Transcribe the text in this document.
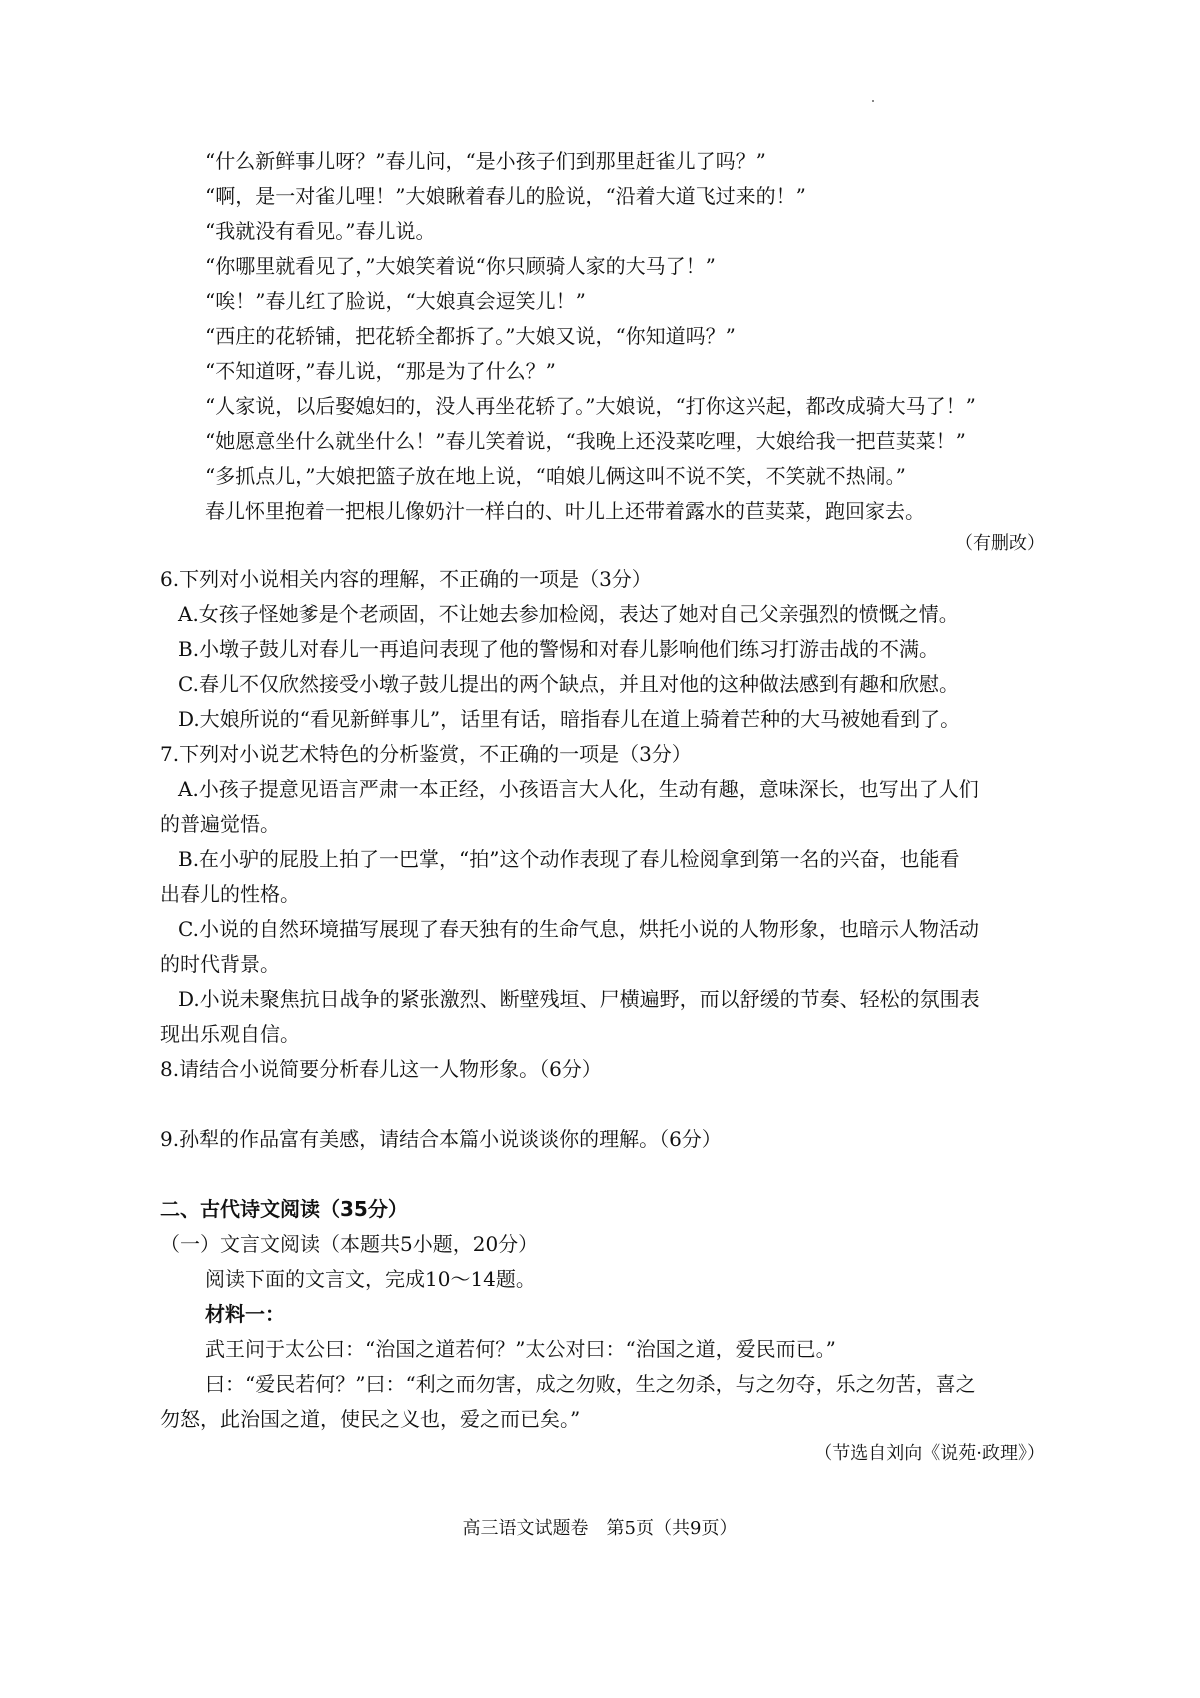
“什么新鲜事儿呀？”春儿问，“是小孩子们到那里赶雀儿了吗？”
“啊，是一对雀儿哩！”大娘瞅着春儿的脸说，“沿着大道飞过来的！”
“我就没有看见。”春儿说。
“你哪里就看见了，”大娘笑着说“你只顾骑人家的大马了！”
“唉！”春儿红了脸说，“大娘真会逗笑儿！”
“西庄的花轿铺，把花轿全都拆了。”大娘又说，“你知道吗？”
“不知道呀，”春儿说，“那是为了什么？”
“人家说，以后娶媳妇的，没人再坐花轿了。”大娘说，“打你这兴起，都改成骑大马了！”
“她愿意坐什么就坐什么！”春儿笑着说，“我晚上还没菜吃哩，大娘给我一把苣荬菜！”
“多抓点儿，”大娘把篮子放在地上说，“咱娘儿俩这叫不说不笑，不笑就不热闹。”
春儿怀里抱着一把根儿像奶汁一样白的、叶儿上还带着露水的苣荬菜，跑回家去。
（有删改）
6.下列对小说相关内容的理解，不正确的一项是（3分）
A.女孩子怪她爹是个老顽固，不让她去参加检阅，表达了她对自己父亲强烈的愤慨之情。
B.小墩子鼓儿对春儿一再追问表现了他的警惕和对春儿影响他们练习打游击战的不满。
C.春儿不仅欣然接受小墩子鼓儿提出的两个缺点，并且对他的这种做法感到有趣和欣慰。
D.大娘所说的“看见新鲜事儿”，话里有话，暗指春儿在道上骑着芒种的大马被她看到了。
7.下列对小说艺术特色的分析鉴赏，不正确的一项是（3分）
A.小孩子提意见语言严肃一本正经，小孩语言大人化，生动有趣，意味深长，也写出了人们
的普遍觉悟。
B.在小驴的屁股上拍了一巴掌，“拍”这个动作表现了春儿检阅拿到第一名的兴奋，也能看
出春儿的性格。
C.小说的自然环境描写展现了春天独有的生命气息，烘托小说的人物形象，也暗示人物活动
的时代背景。
D.小说未聚焦抗日战争的紧张激烈、断壁残垣、尸横遍野，而以舒缓的节奏、轻松的氛围表
现出乐观自信。
8.请结合小说简要分析春儿这一人物形象。（6分）
9.孙犁的作品富有美感，请结合本篇小说谈谈你的理解。（6分）
二、古代诗文阅读（35分）
（一）文言文阅读（本题共5小题，20分）
阅读下面的文言文，完成10～14题。
材料一：
武王问于太公曰：“治国之道若何？”太公对曰：“治国之道，爱民而已。”
曰：“爱民若何？”曰：“利之而勿害，成之勿败，生之勿杀，与之勿夺，乐之勿苦，喜之
勿怒，此治国之道，使民之义也，爱之而已矣。”
（节选自刘向《说苑·政理》）
高三语文试题卷　第5页（共9页）
